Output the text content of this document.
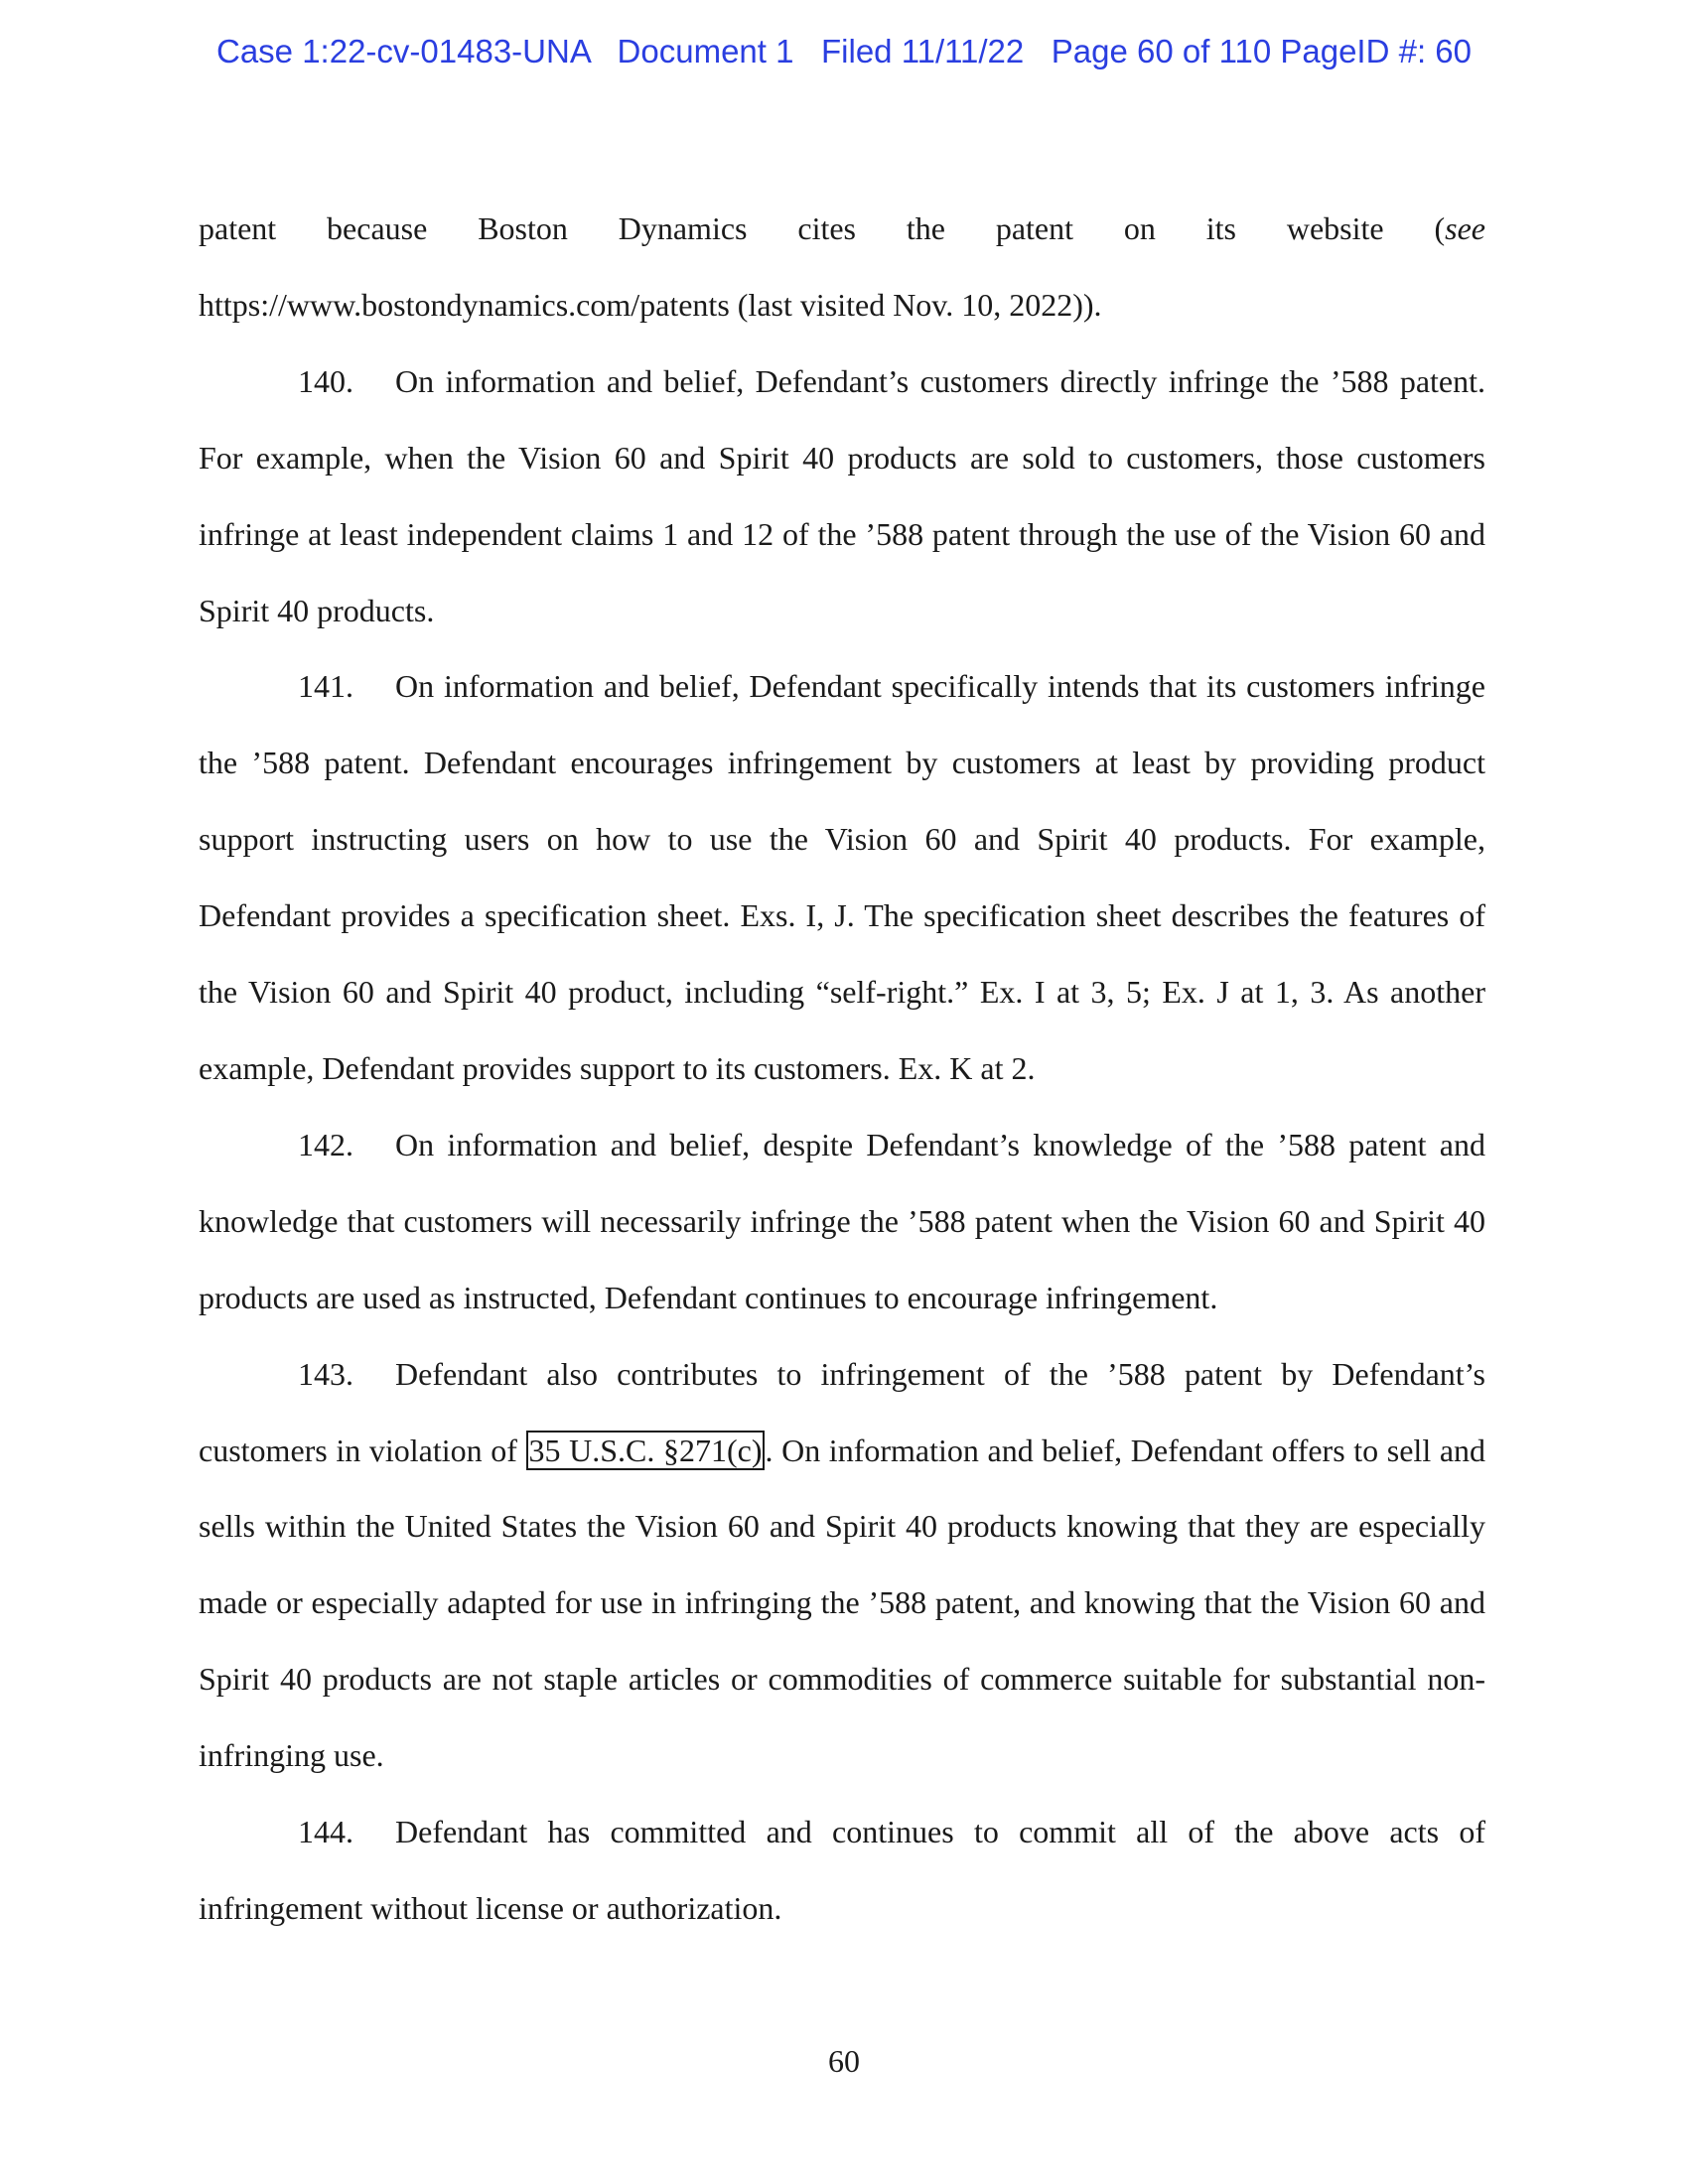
Case 1:22-cv-01483-UNA Document 1 Filed 11/11/22 Page 60 of 110 PageID #: 60

patent because Boston Dynamics cites the patent on its website (see
https://www.bostondynamics.com/patents (last visited Nov. 10, 2022)).

140. On information and belief, Defendant’s customers directly infringe the ’588 patent. For example, when the Vision 60 and Spirit 40 products are sold to customers, those customers infringe at least independent claims 1 and 12 of the ’588 patent through the use of the Vision 60 and Spirit 40 products.

141. On information and belief, Defendant specifically intends that its customers infringe the ’588 patent. Defendant encourages infringement by customers at least by providing product support instructing users on how to use the Vision 60 and Spirit 40 products. For example, Defendant provides a specification sheet. Exs. I, J. The specification sheet describes the features of the Vision 60 and Spirit 40 product, including “self-right.” Ex. I at 3, 5; Ex. J at 1, 3. As another example, Defendant provides support to its customers. Ex. K at 2.

142. On information and belief, despite Defendant’s knowledge of the ’588 patent and knowledge that customers will necessarily infringe the ’588 patent when the Vision 60 and Spirit 40 products are used as instructed, Defendant continues to encourage infringement.

143. Defendant also contributes to infringement of the ’588 patent by Defendant’s customers in violation of 35 U.S.C. §271(c). On information and belief, Defendant offers to sell and sells within the United States the Vision 60 and Spirit 40 products knowing that they are especially made or especially adapted for use in infringing the ’588 patent, and knowing that the Vision 60 and Spirit 40 products are not staple articles or commodities of commerce suitable for substantial non-infringing use.

144. Defendant has committed and continues to commit all of the above acts of infringement without license or authorization.

60
